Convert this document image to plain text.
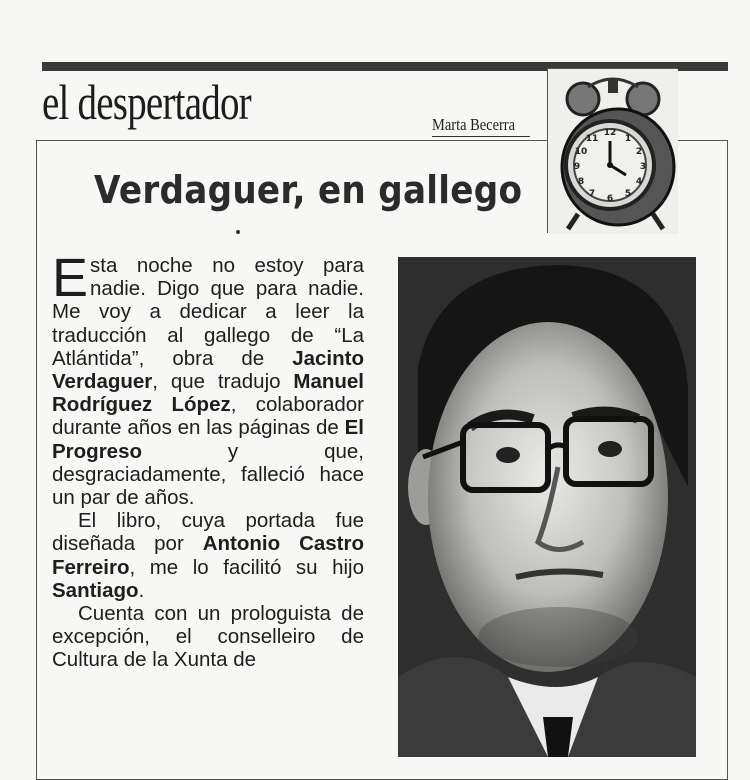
el despertador	Marta Becerra	12
1
2
3
4
5
6
7
8
9
10
11
Verdaguer, en gallego

Esta noche no estoy para nadie. Digo que para nadie. Me voy a dedicar a leer la traducción al gallego de “La Atlántida”, obra de Jacinto Verdaguer, que tradujo Manuel Rodríguez López, colaborador durante años en las páginas de El Progreso y que, desgraciadamente, falleció hace un par de años.

El libro, cuya portada fue diseñada por Antonio Castro Ferreiro, me lo facilitó su hijo Santiago.

Cuenta con un prologuista de excepción, el conselleiro de Cultura de la Xunta de
